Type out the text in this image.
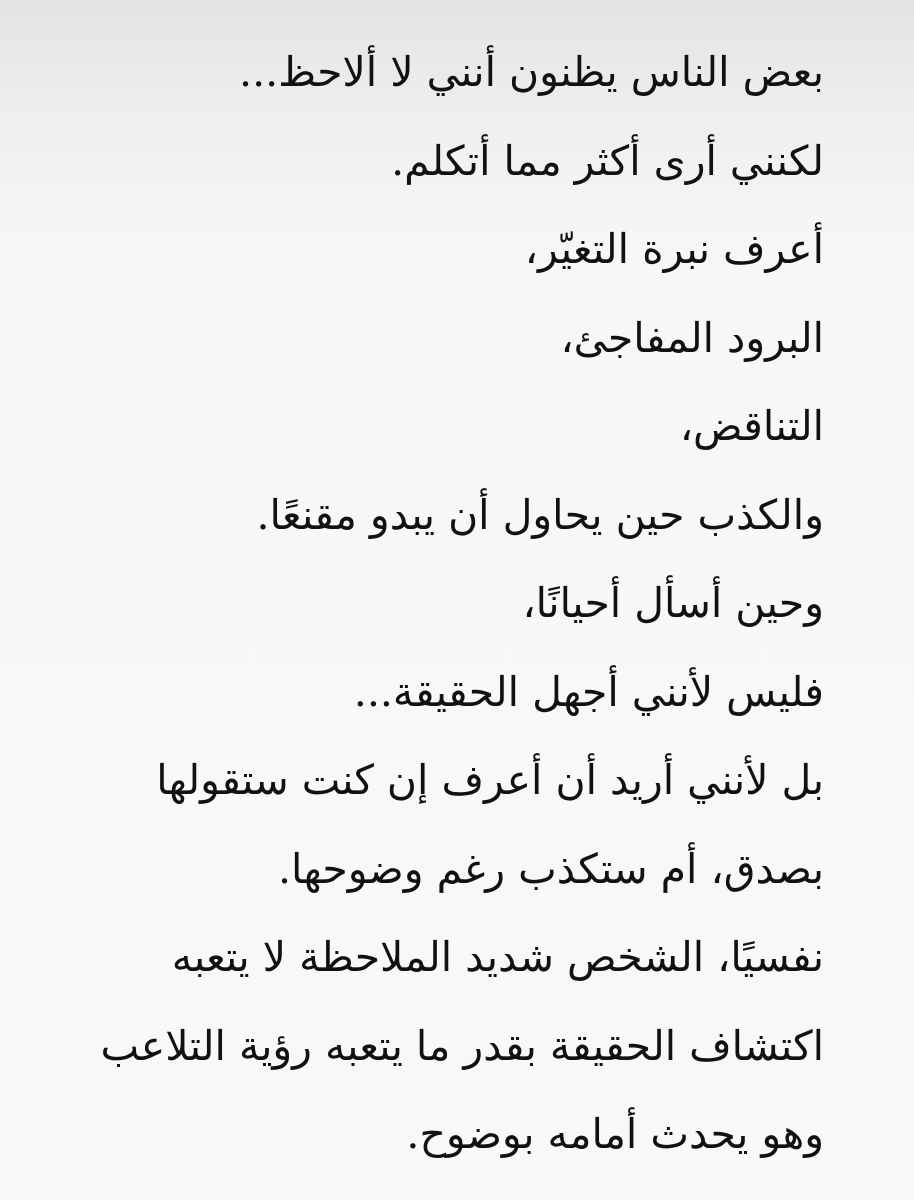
بعض الناس يظنون أنني لا ألاحظ...
لكنني أرى أكثر مما أتكلم.
أعرف نبرة التغيّر،
البرود المفاجئ،
التناقض،
والكذب حين يحاول أن يبدو مقنعًا.
وحين أسأل أحيانًا،
فليس لأنني أجهل الحقيقة...
بل لأنني أريد أن أعرف إن كنت ستقولها
بصدق، أم ستكذب رغم وضوحها.
نفسيًا، الشخص شديد الملاحظة لا يتعبه
اكتشاف الحقيقة بقدر ما يتعبه رؤية التلاعب
وهو يحدث أمامه بوضوح.
